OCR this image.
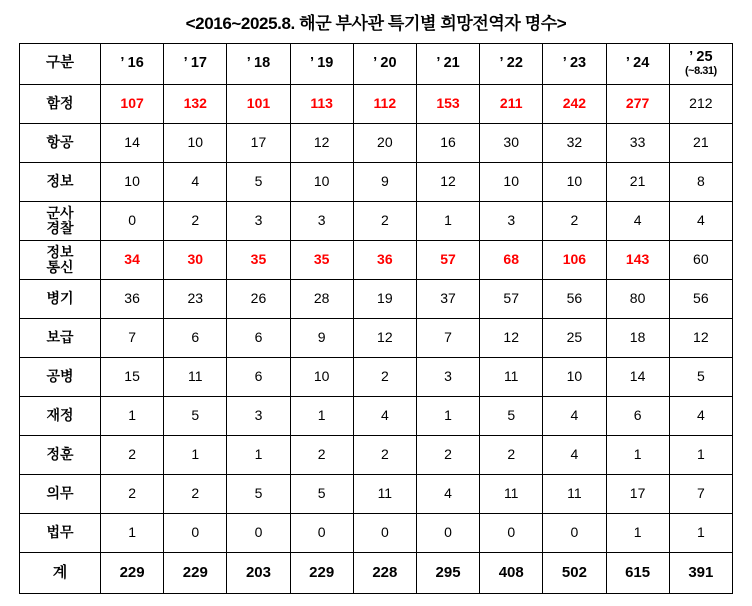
<2016~2025.8. 해군 부사관 특기별 희망전역자 명수>
구분	’ 16	’ 17	’ 18	’ 19	’ 20	’ 21	’ 22	’ 23	’ 24	’ 25
(~8.31)

함정	107	132	101	113	112	153	211	242	277	212
항공	14	10	17	12	20	16	30	32	33	21
정보	10	4	5	10	9	12	10	10	21	8

군사
경찰	0	2	3	3	2	1	3	2	4	4

정보
통신	34	30	35	35	36	57	68	106	143	60
병기	36	23	26	28	19	37	57	56	80	56
보급	7	6	6	9	12	7	12	25	18	12
공병	15	11	6	10	2	3	11	10	14	5
재정	1	5	3	1	4	1	5	4	6	4
정훈	2	1	1	2	2	2	2	4	1	1
의무	2	2	5	5	11	4	11	11	17	7
법무	1	0	0	0	0	0	0	0	1	1
계	229	229	203	229	228	295	408	502	615	391
